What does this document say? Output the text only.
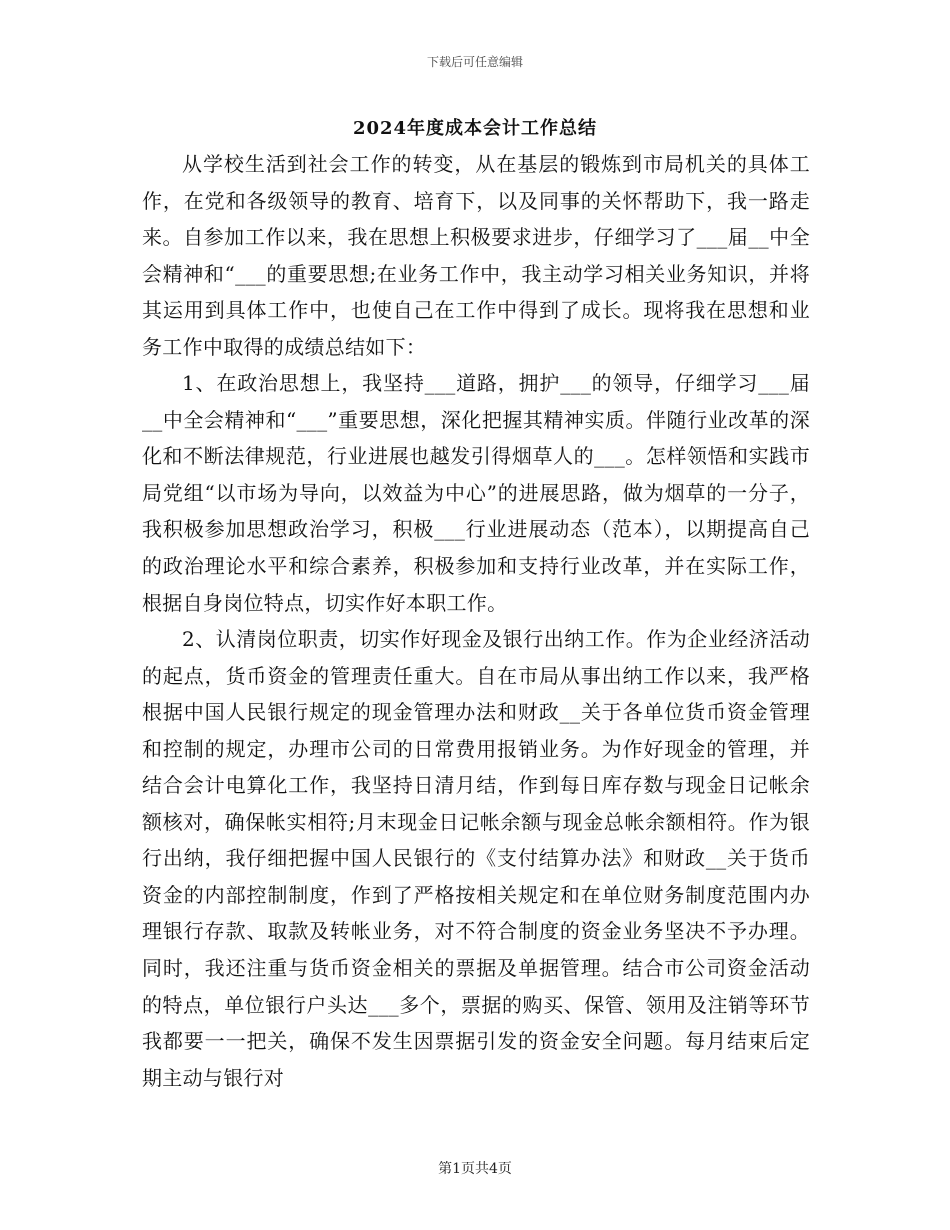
下载后可任意编辑
2024年度成本会计工作总结

从学校生活到社会工作的转变，从在基层的锻炼到市局机关的具体工作，在党和各级领导的教育、培育下，以及同事的关怀帮助下，我一路走来。自参加工作以来，我在思想上积极要求进步，仔细学习了___届__中全会精神和“___的重要思想;在业务工作中，我主动学习相关业务知识，并将其运用到具体工作中，也使自己在工作中得到了成长。现将我在思想和业务工作中取得的成绩总结如下：

1、在政治思想上，我坚持___道路，拥护___的领导，仔细学习___届__中全会精神和“___”重要思想，深化把握其精神实质。伴随行业改革的深化和不断法律规范，行业进展也越发引得烟草人的___。怎样领悟和实践市局党组“以市场为导向，以效益为中心”的进展思路，做为烟草的一分子，我积极参加思想政治学习，积极___行业进展动态（范本），以期提高自己的政治理论水平和综合素养，积极参加和支持行业改革，并在实际工作，根据自身岗位特点，切实作好本职工作。

2、认清岗位职责，切实作好现金及银行出纳工作。作为企业经济活动的起点，货币资金的管理责任重大。自在市局从事出纳工作以来，我严格根据中国人民银行规定的现金管理办法和财政__关于各单位货币资金管理和控制的规定，办理市公司的日常费用报销业务。为作好现金的管理，并结合会计电算化工作，我坚持日清月结，作到每日库存数与现金日记帐余额核对，确保帐实相符;月末现金日记帐余额与现金总帐余额相符。作为银行出纳，我仔细把握中国人民银行的《支付结算办法》和财政__关于货币资金的内部控制制度，作到了严格按相关规定和在单位财务制度范围内办理银行存款、取款及转帐业务，对不符合制度的资金业务坚决不予办理。同时，我还注重与货币资金相关的票据及单据管理。结合市公司资金活动的特点，单位银行户头达___多个，票据的购买、保管、领用及注销等环节我都要一一把关，确保不发生因票据引发的资金安全问题。每月结束后定期主动与银行对

第1页共4页
